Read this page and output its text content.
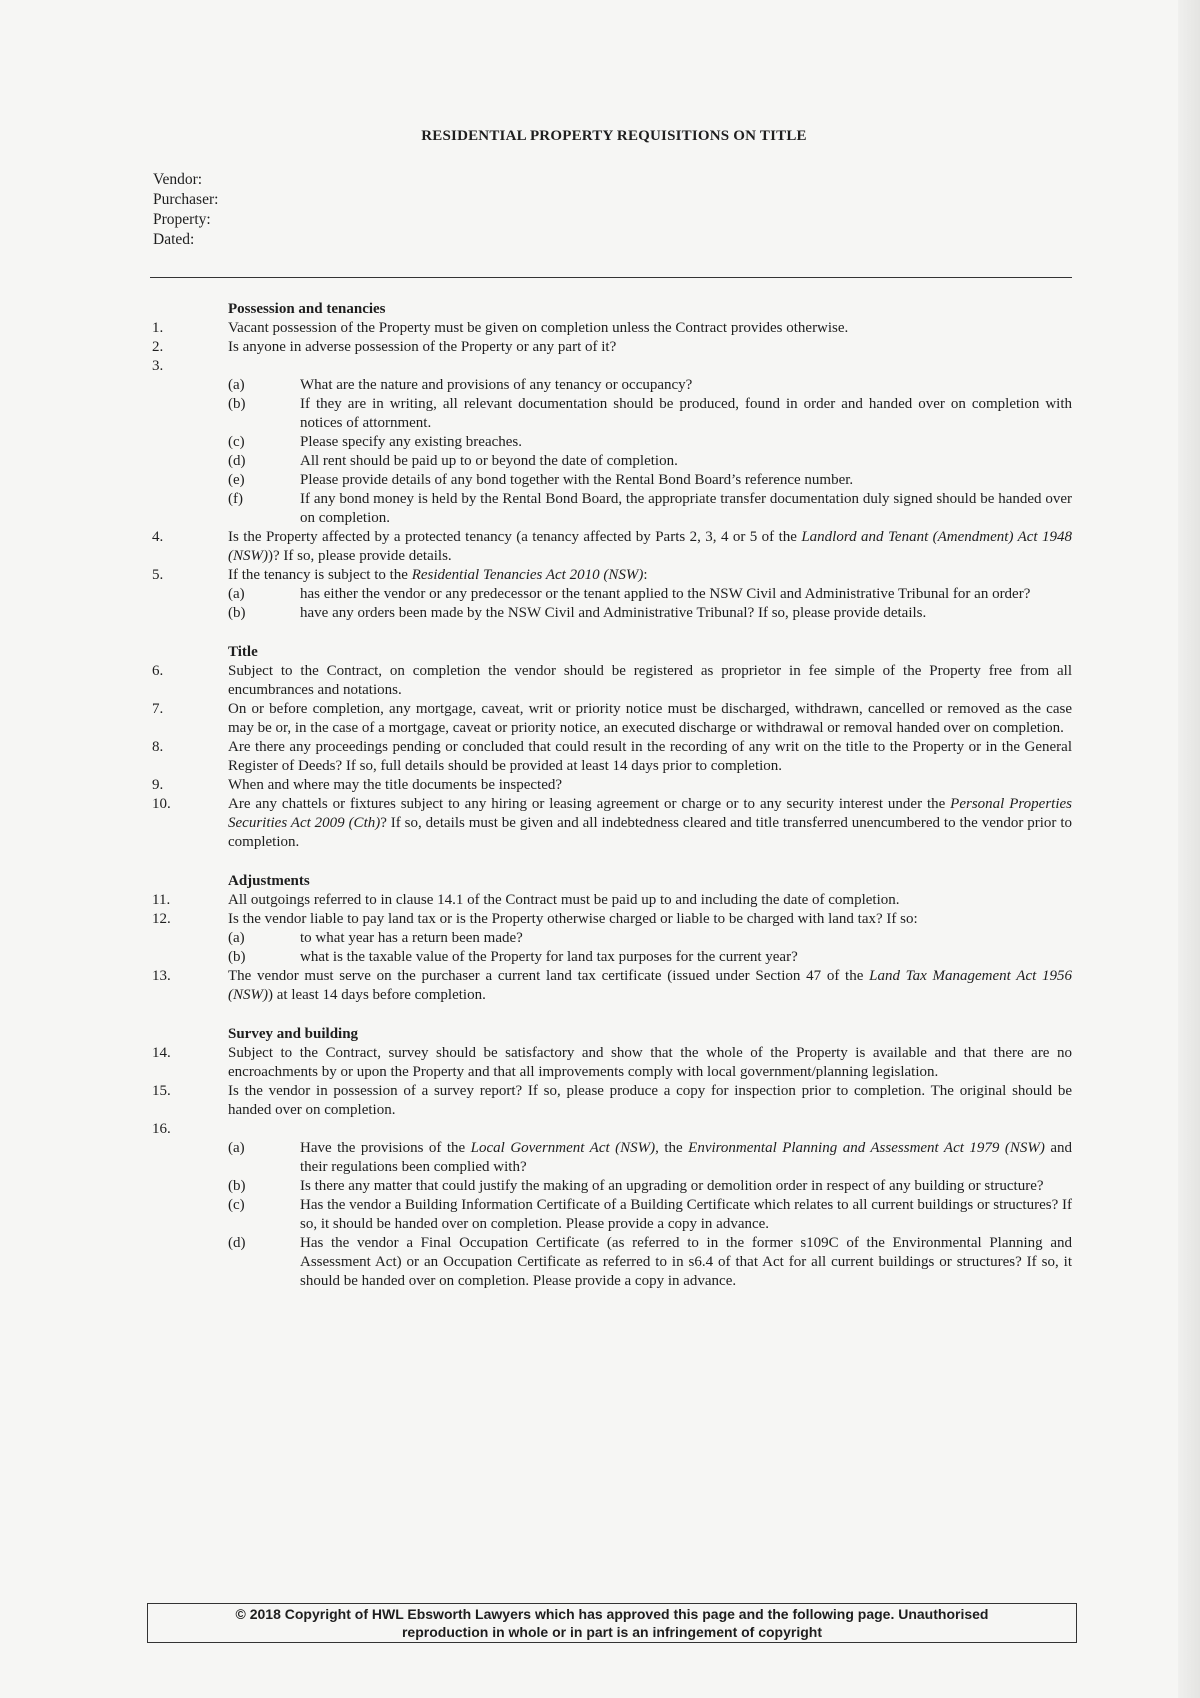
RESIDENTIAL PROPERTY REQUISITIONS ON TITLE
Vendor:
Purchaser:
Property:
Dated:
Possession and tenancies
1.	Vacant possession of the Property must be given on completion unless the Contract provides otherwise.
2.	Is anyone in adverse possession of the Property or any part of it?
3.

(a)	What are the nature and provisions of any tenancy or occupancy?
(b)	If they are in writing, all relevant documentation should be produced, found in order and handed over on completion with notices of attornment.
(c)	Please specify any existing breaches.
(d)	All rent should be paid up to or beyond the date of completion.
(e)	Please provide details of any bond together with the Rental Bond Board’s reference number.
(f)	If any bond money is held by the Rental Bond Board, the appropriate transfer documentation duly signed should be handed over on completion.
4.	Is the Property affected by a protected tenancy (a tenancy affected by Parts 2, 3, 4 or 5 of the Landlord and Tenant (Amendment) Act 1948 (NSW))? If so, please provide details.
5.	If the tenancy is subject to the Residential Tenancies Act 2010 (NSW):
(a)	has either the vendor or any predecessor or the tenant applied to the NSW Civil and Administrative Tribunal for an order?
(b)	have any orders been made by the NSW Civil and Administrative Tribunal? If so, please provide details.
Title
6.	Subject to the Contract, on completion the vendor should be registered as proprietor in fee simple of the Property free from all encumbrances and notations.
7.	On or before completion, any mortgage, caveat, writ or priority notice must be discharged, withdrawn, cancelled or removed as the case may be or, in the case of a mortgage, caveat or priority notice, an executed discharge or withdrawal or removal handed over on completion.
8.	Are there any proceedings pending or concluded that could result in the recording of any writ on the title to the Property or in the General Register of Deeds? If so, full details should be provided at least 14 days prior to completion.
9.	When and where may the title documents be inspected?
10.	Are any chattels or fixtures subject to any hiring or leasing agreement or charge or to any security interest under the Personal Properties Securities Act 2009 (Cth)? If so, details must be given and all indebtedness cleared and title transferred unencumbered to the vendor prior to completion.
Adjustments
11.	All outgoings referred to in clause 14.1 of the Contract must be paid up to and including the date of completion.
12.	Is the vendor liable to pay land tax or is the Property otherwise charged or liable to be charged with land tax? If so:
(a)	to what year has a return been made?
(b)	what is the taxable value of the Property for land tax purposes for the current year?
13.	The vendor must serve on the purchaser a current land tax certificate (issued under Section 47 of the Land Tax Management Act 1956 (NSW)) at least 14 days before completion.
Survey and building
14.	Subject to the Contract, survey should be satisfactory and show that the whole of the Property is available and that there are no encroachments by or upon the Property and that all improvements comply with local government/planning legislation.
15.	Is the vendor in possession of a survey report? If so, please produce a copy for inspection prior to completion. The original should be handed over on completion.
16.

(a)	Have the provisions of the Local Government Act (NSW), the Environmental Planning and Assessment Act 1979 (NSW) and their regulations been complied with?
(b)	Is there any matter that could justify the making of an upgrading or demolition order in respect of any building or structure?
(c)	Has the vendor a Building Information Certificate of a Building Certificate which relates to all current buildings or structures? If so, it should be handed over on completion. Please provide a copy in advance.
(d)	Has the vendor a Final Occupation Certificate (as referred to in the former s109C of the Environmental Planning and Assessment Act) or an Occupation Certificate as referred to in s6.4 of that Act for all current buildings or structures? If so, it should be handed over on completion. Please provide a copy in advance.
© 2018 Copyright of HWL Ebsworth Lawyers which has approved this page and the following page. Unauthorised
reproduction in whole or in part is an infringement of copyright
